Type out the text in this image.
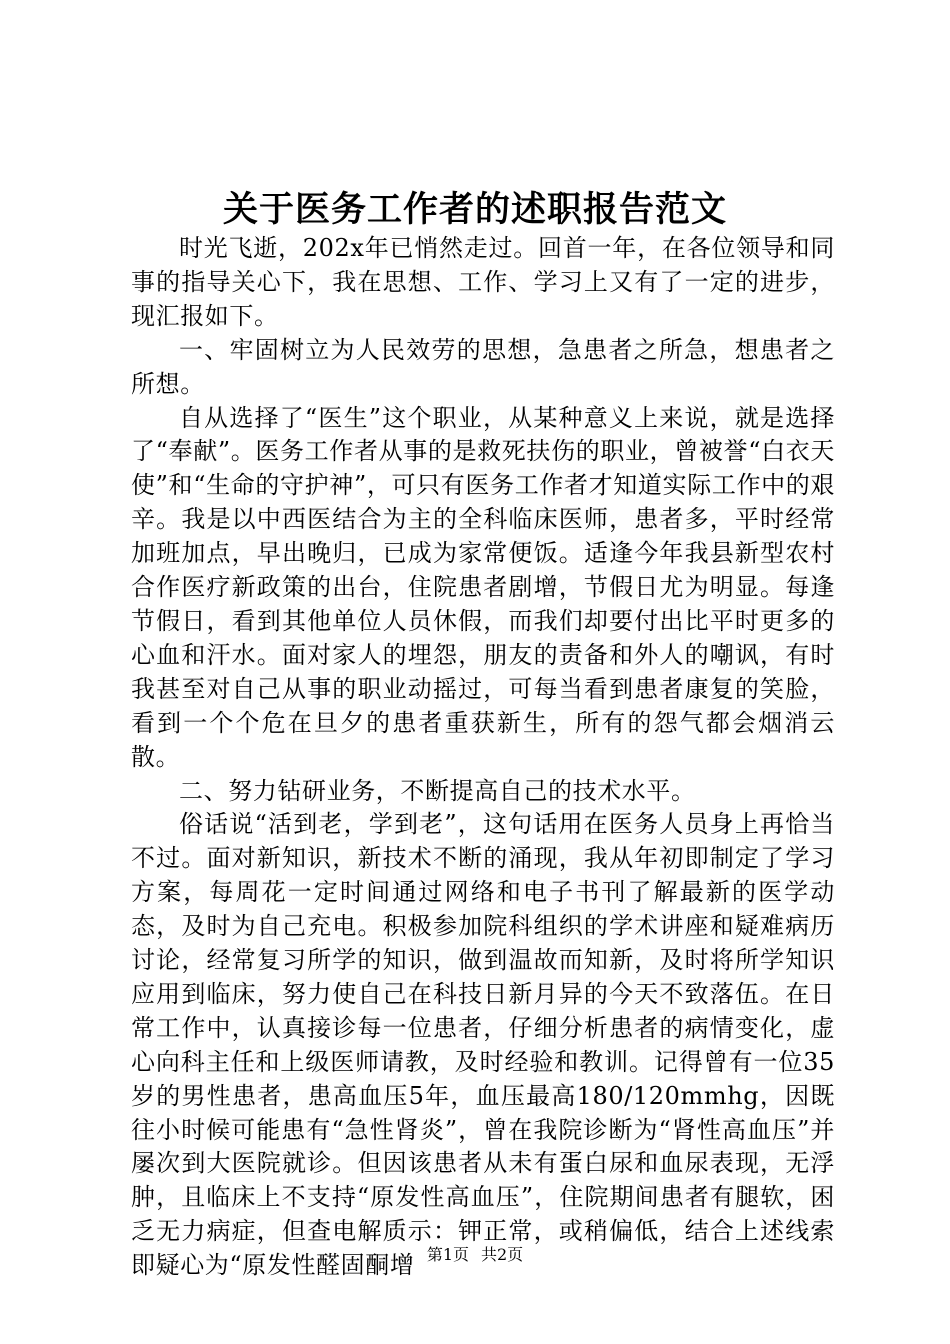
关于医务工作者的述职报告范文

时光飞逝，202x年已悄然走过。回首一年，在各位领导和同事的指导关心下，我在思想、工作、学习上又有了一定的进步，现汇报如下。

一、牢固树立为人民效劳的思想，急患者之所急，想患者之所想。

自从选择了“医生”这个职业，从某种意义上来说，就是选择了“奉献”。医务工作者从事的是救死扶伤的职业，曾被誉“白衣天使”和“生命的守护神”，可只有医务工作者才知道实际工作中的艰辛。我是以中西医结合为主的全科临床医师，患者多，平时经常加班加点，早出晚归，已成为家常便饭。适逢今年我县新型农村合作医疗新政策的出台，住院患者剧增，节假日尤为明显。每逢节假日，看到其他单位人员休假，而我们却要付出比平时更多的心血和汗水。面对家人的埋怨，朋友的责备和外人的嘲讽，有时我甚至对自己从事的职业动摇过，可每当看到患者康复的笑脸，看到一个个危在旦夕的患者重获新生，所有的怨气都会烟消云散。

二、努力钻研业务，不断提高自己的技术水平。

俗话说“活到老，学到老”，这句话用在医务人员身上再恰当不过。面对新知识，新技术不断的涌现，我从年初即制定了学习方案，每周花一定时间通过网络和电子书刊了解最新的医学动态，及时为自己充电。积极参加院科组织的学术讲座和疑难病历讨论，经常复习所学的知识，做到温故而知新，及时将所学知识应用到临床，努力使自己在科技日新月异的今天不致落伍。在日常工作中，认真接诊每一位患者，仔细分析患者的病情变化，虚心向科主任和上级医师请教，及时经验和教训。记得曾有一位35岁的男性患者，患高血压5年，血压最高180/120mmhg，因既往小时候可能患有“急性肾炎”，曾在我院诊断为“肾性高血压”并屡次到大医院就诊。但因该患者从未有蛋白尿和血尿表现，无浮肿，且临床上不支持“原发性高血压”，住院期间患者有腿软，困乏无力病症，但查电解质示：钾正常，或稍偏低，结合上述线索即疑心为“原发性醛固酮增 第1页 共2页
